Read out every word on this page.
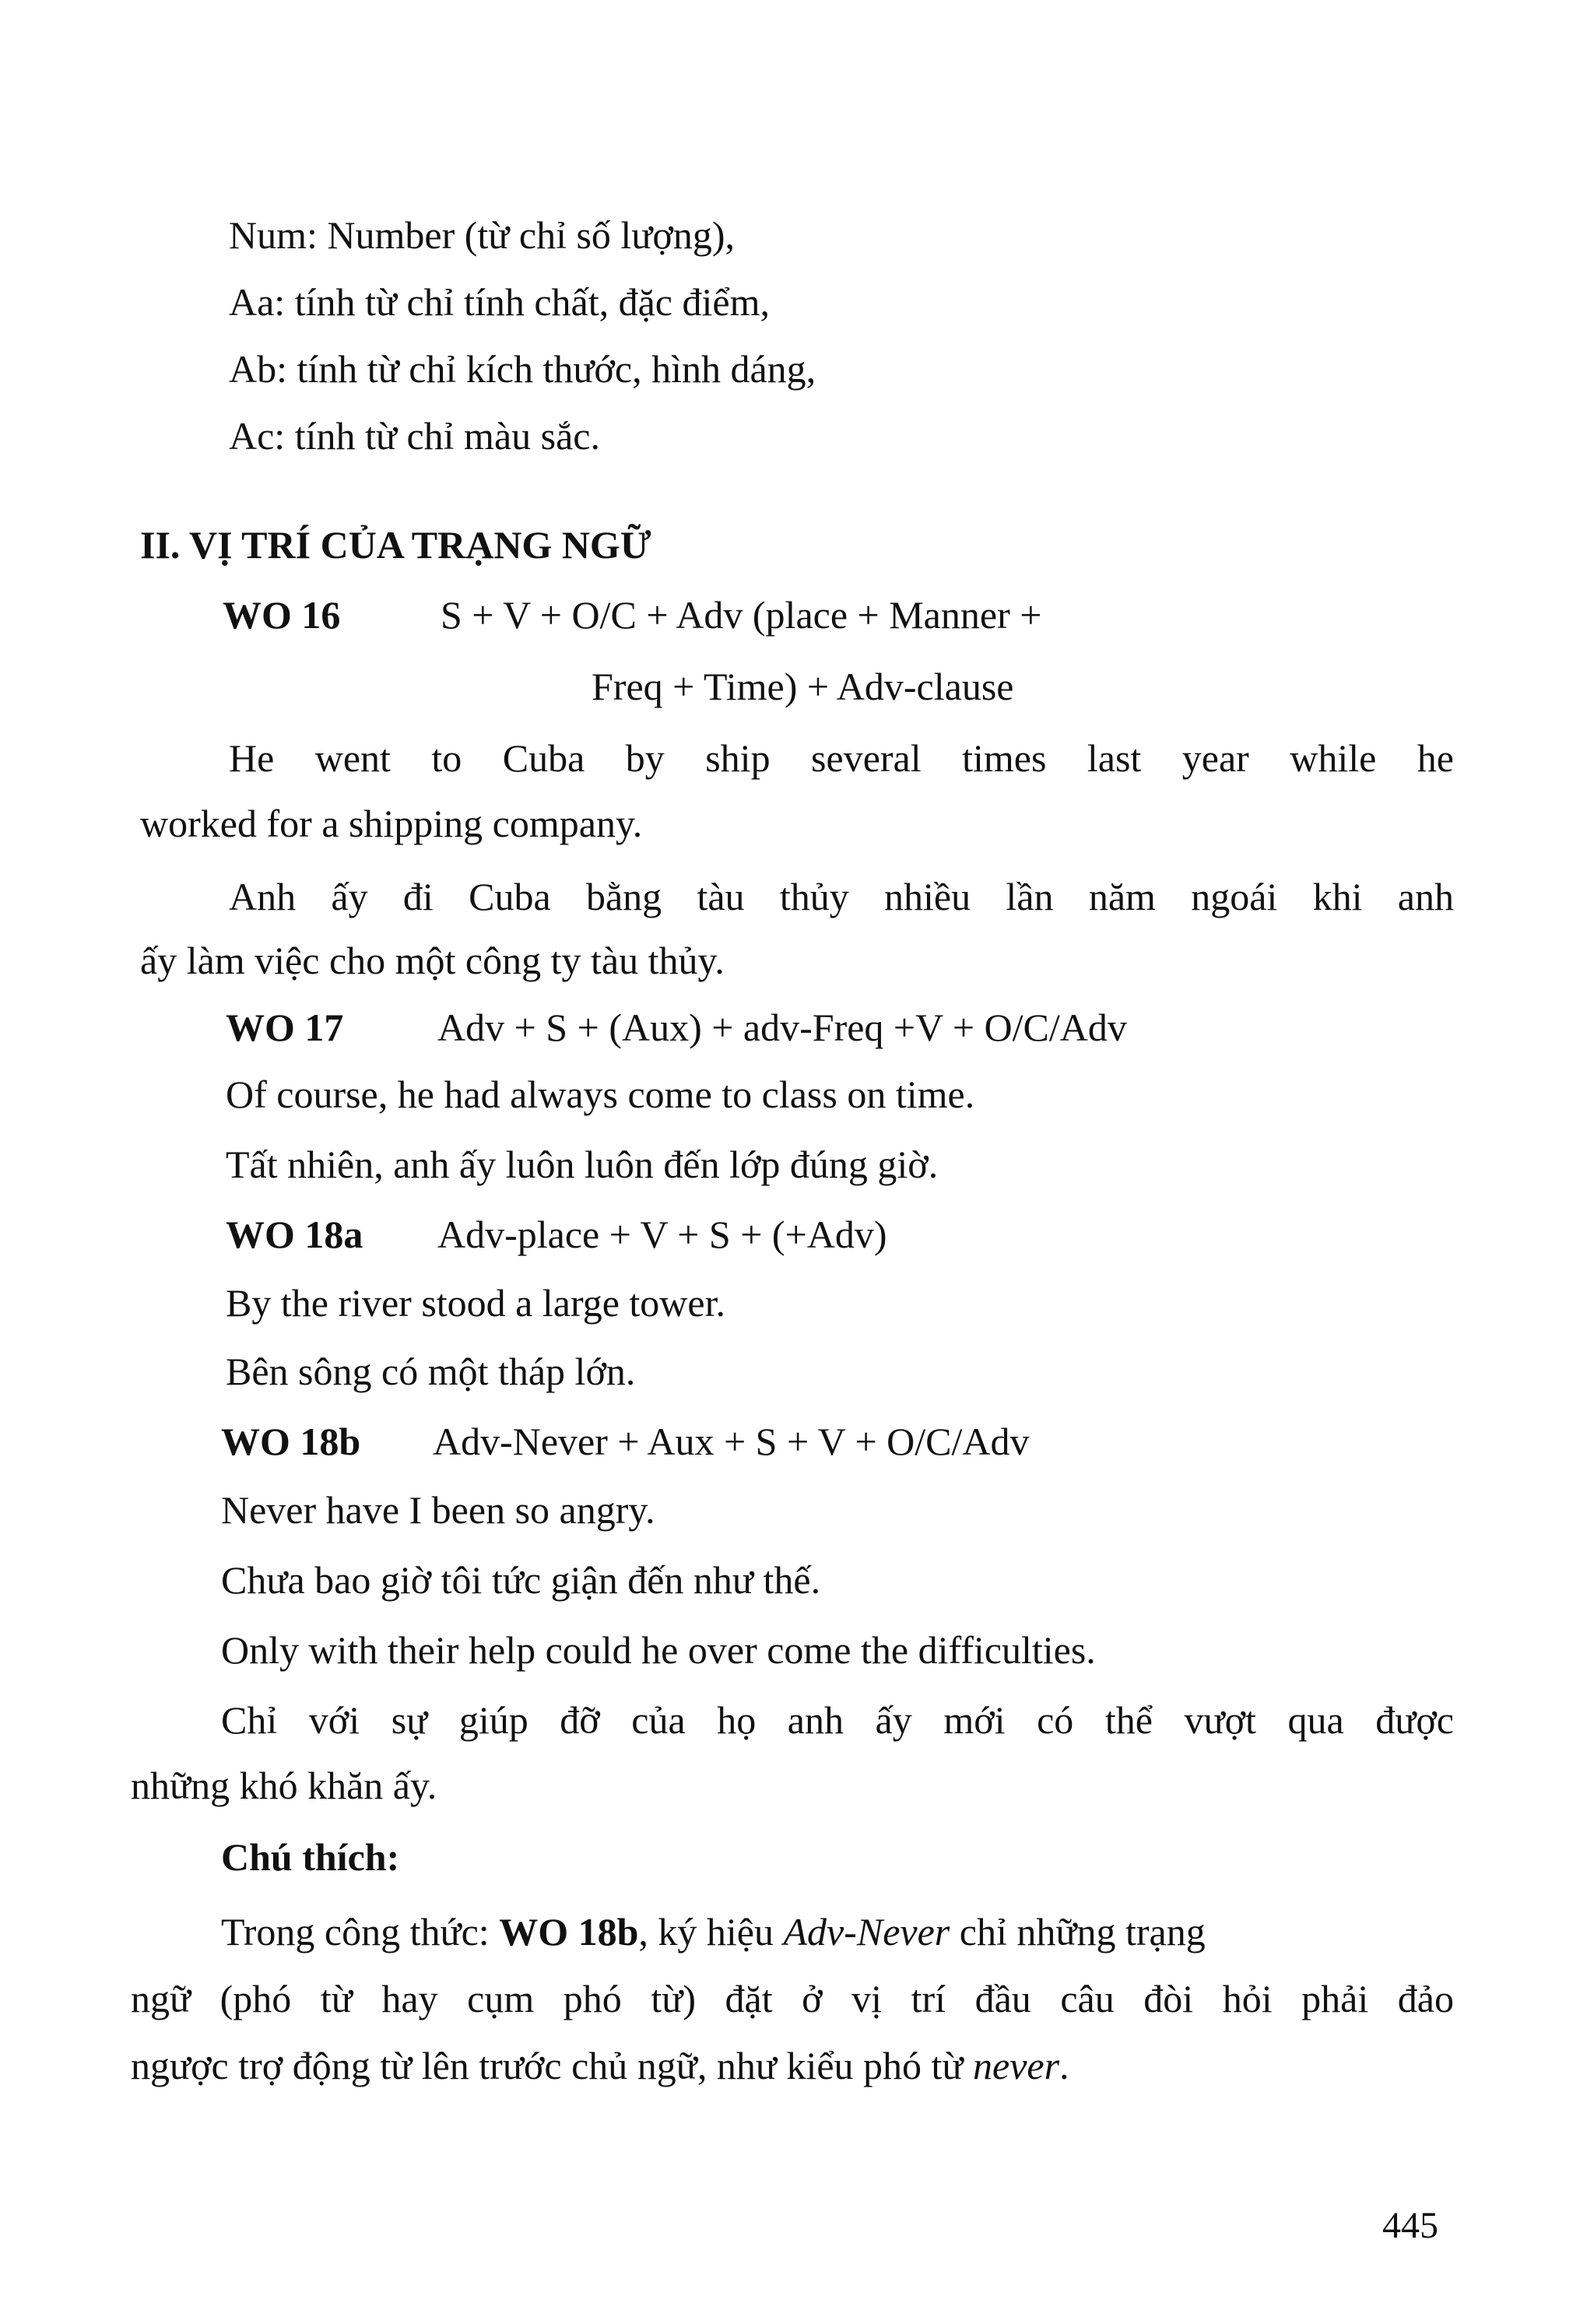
Num: Number (từ chỉ số lượng),

Aa: tính từ chỉ tính chất, đặc điểm,

Ab: tính từ chỉ kích thước, hình dáng,

Ac: tính từ chỉ màu sắc.

II. VỊ TRÍ CỦA TRẠNG NGỮ

WO 16	S + V + O/C + Adv (place + Manner +

Freq + Time) + Adv-clause

He went to Cuba by ship several times last year while he

worked for a shipping company.

Anh ấy đi Cuba bằng tàu thủy nhiều lần năm ngoái khi anh

ấy làm việc cho một công ty tàu thủy.

WO 17 Adv + S + (Aux) + adv-Freq +V + O/C/Adv

Of course, he had always come to class on time.

Tất nhiên, anh ấy luôn luôn đến lớp đúng giờ.

WO 18a Adv-place + V + S + (+Adv)

By the river stood a large tower.

Bên sông có một tháp lớn.

WO 18b Adv-Never + Aux + S + V + O/C/Adv

Never have I been so angry.

Chưa bao giờ tôi tức giận đến như thế.

Only with their help could he over come the difficulties.

Chỉ với sự giúp đỡ của họ anh ấy mới có thể vượt qua được

những khó khăn ấy.

Chú thích:

Trong công thức: WO 18b, ký hiệu Adv-Never chỉ những trạng

ngữ (phó từ hay cụm phó từ) đặt ở vị trí đầu câu đòi hỏi phải đảo

ngược trợ động từ lên trước chủ ngữ, như kiểu phó từ never.

445
